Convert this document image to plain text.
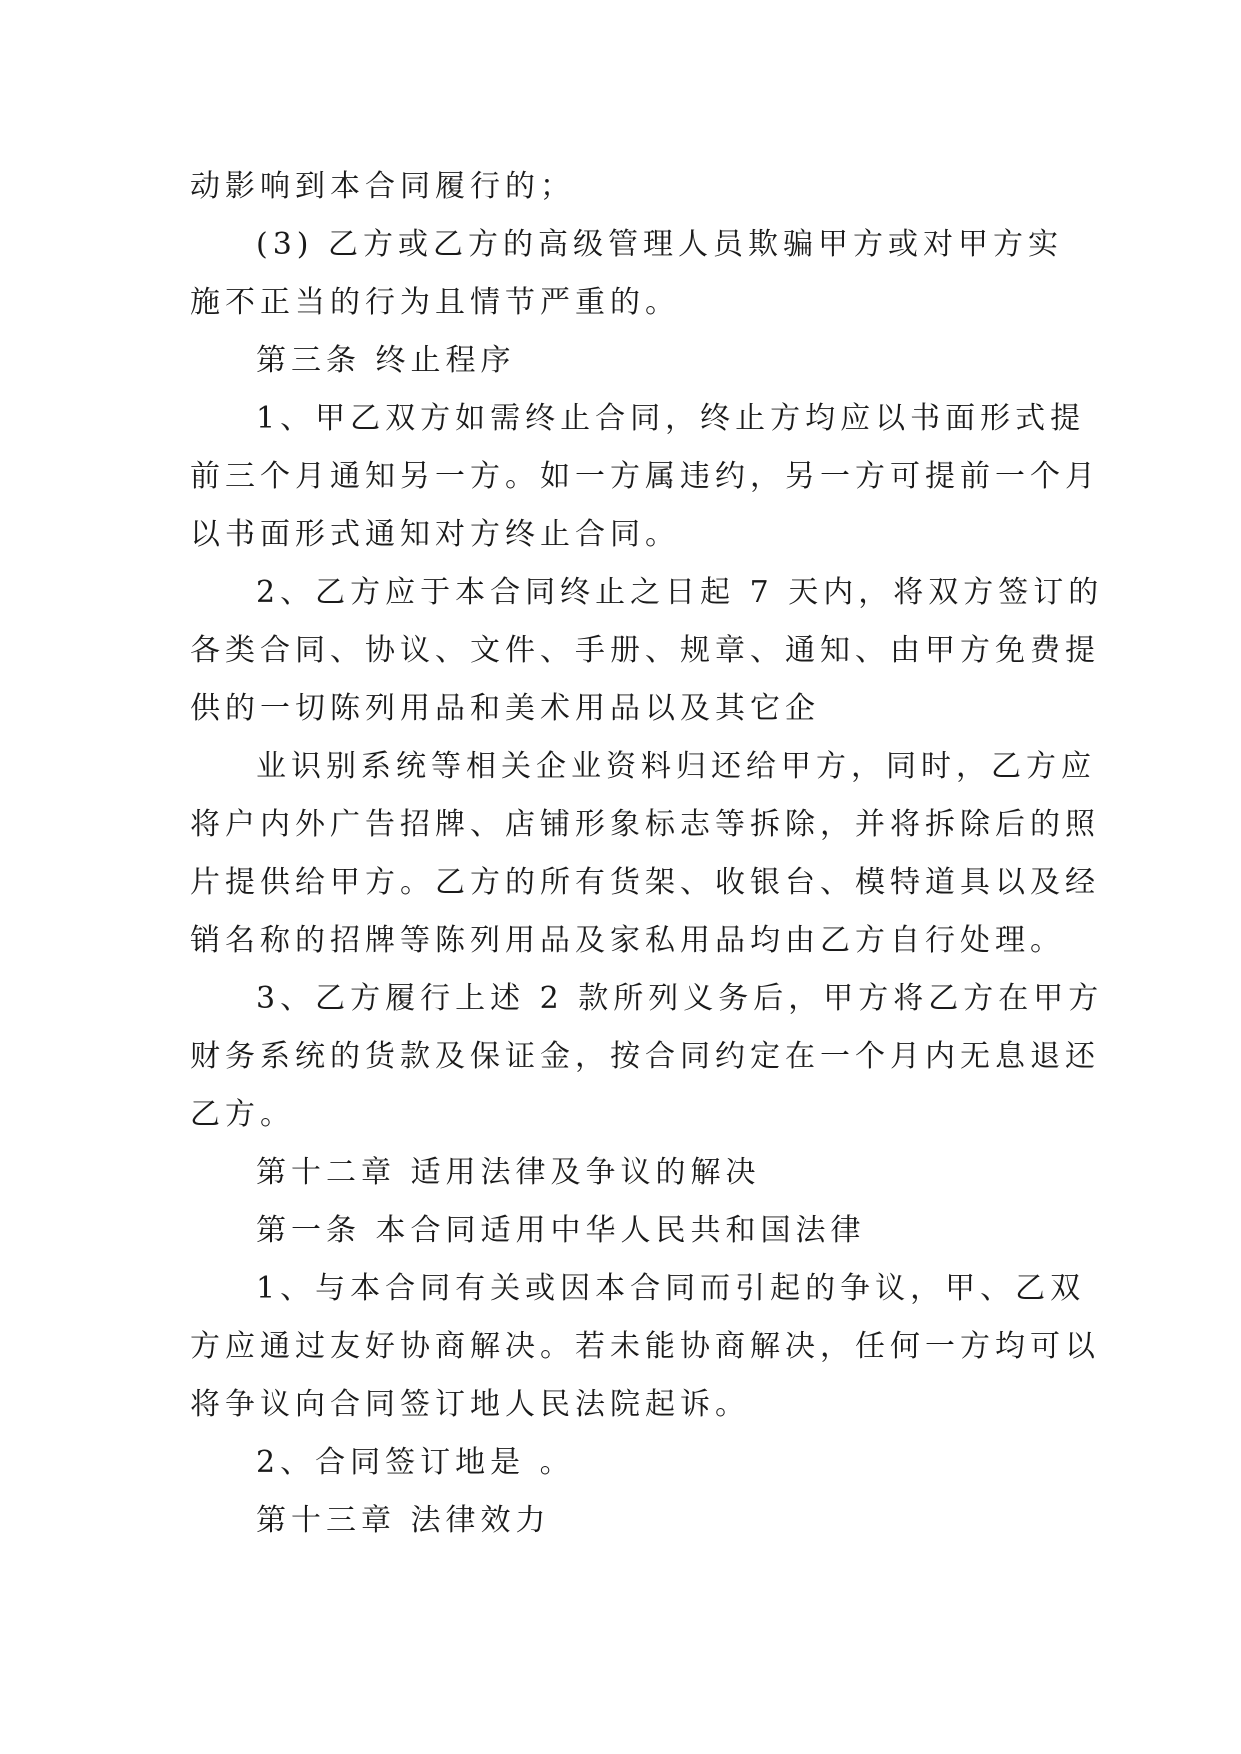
动影响到本合同履行的；
(3) 乙方或乙方的高级管理人员欺骗甲方或对甲方实
施不正当的行为且情节严重的。
第三条 终止程序
1、甲乙双方如需终止合同，终止方均应以书面形式提
前三个月通知另一方。如一方属违约，另一方可提前一个月
以书面形式通知对方终止合同。
2、乙方应于本合同终止之日起 7 天内，将双方签订的
各类合同、协议、文件、手册、规章、通知、由甲方免费提
供的一切陈列用品和美术用品以及其它企
业识别系统等相关企业资料归还给甲方，同时，乙方应
将户内外广告招牌、店铺形象标志等拆除，并将拆除后的照
片提供给甲方。乙方的所有货架、收银台、模特道具以及经
销名称的招牌等陈列用品及家私用品均由乙方自行处理。
3、乙方履行上述 2 款所列义务后，甲方将乙方在甲方
财务系统的货款及保证金，按合同约定在一个月内无息退还
乙方。
第十二章 适用法律及争议的解决
第一条 本合同适用中华人民共和国法律
1、与本合同有关或因本合同而引起的争议，甲、乙双
方应通过友好协商解决。若未能协商解决，任何一方均可以
将争议向合同签订地人民法院起诉。
2、合同签订地是 。
第十三章 法律效力
